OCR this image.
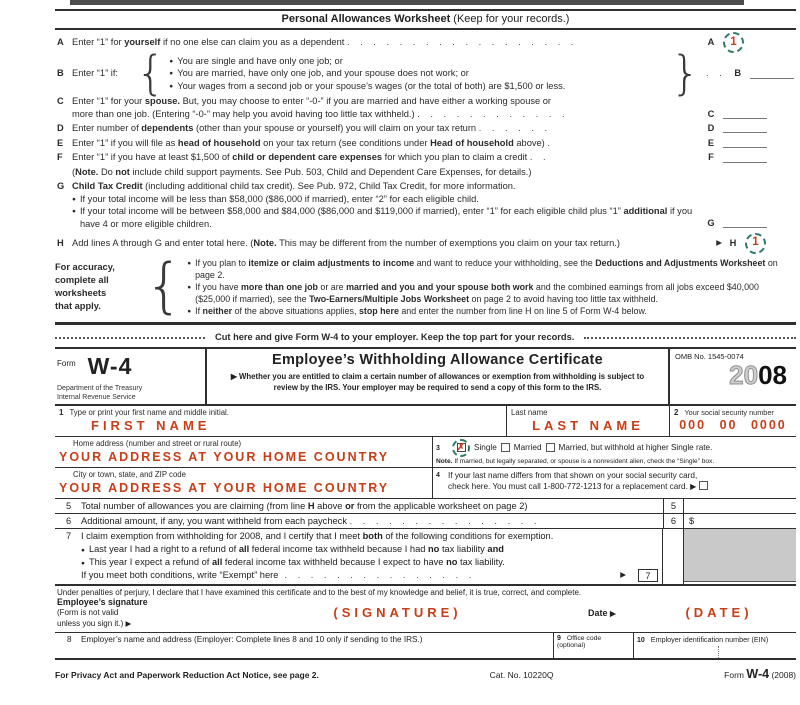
Personal Allowances Worksheet (Keep for your records.)
A Enter “1” for yourself if no one else can claim you as a dependent . . . . . . . . . . . . . . . . . .	A	1
B Enter “1” if: { ● You are single and have only one job; or
● You are married, have only one job, and your spouse does not work; or
● Your wages from a second job or your spouse’s wages (or the total of both) are $1,500 or less. } . . B
C Enter “1” for your spouse. But, you may choose to enter “-0-” if you are married and have either a working spouse or
more than one job. (Entering “-0-” may help you avoid having too little tax withheld.) . . . . . . . . . . . .	C
D Enter number of dependents (other than your spouse or yourself) you will claim on your tax return . . . . . .	D
E Enter “1” if you will file as head of household on your tax return (see conditions under Head of household above) .	E
F	Enter “1” if you have at least $1,500 of child or dependent care expenses for which you plan to claim a credit . .	F
(Note. Do not include child support payments. See Pub. 503, Child and Dependent Care Expenses, for details.)
G Child Tax Credit (including additional child tax credit). See Pub. 972, Child Tax Credit, for more information.
● If your total income will be less than $58,000 ($86,000 if married), enter “2” for each eligible child.
● If your total income will be between $58,000 and $84,000 ($86,000 and $119,000 if married), enter “1” for each eligible child plus “1” additional if you have 4 or more eligible children.	G
H Add lines A through G and enter total here. (Note. This may be different from the number of exemptions you claim on your tax return.)	▶ H	1
For accuracy,
complete all
worksheets
that apply. { ● If you plan to itemize or claim adjustments to income and want to reduce your withholding, see the Deductions and Adjustments Worksheet on page 2.
● If you have more than one job or are married and you and your spouse both work and the combined earnings from all jobs exceed $40,000 ($25,000 if married), see the Two-Earners/Multiple Jobs Worksheet on page 2 to avoid having too little tax withheld.
● If neither of the above situations applies, stop here and enter the number from line H on line 5 of Form W-4 below.
Cut here and give Form W-4 to your employer. Keep the top part for your records.
$^{Form}$ W-4
Department of the Treasury
Internal Revenue Service
Employee’s Withholding Allowance Certificate
▶ Whether you are entitled to claim a certain number of allowances or exemption from withholding is subject to review by the IRS. Your employer may be required to send a copy of this form to the IRS.
OMB No. 1545-0074
2008
1 Type or print your first name and middle initial.
FIRST NAME
Last name
LAST NAME
2 Your social security number
000 00 0000
Home address (number and street or rural route)
YOUR ADDRESS AT YOUR HOME COUNTRY
3	✗ Single Married Married, but withhold at higher Single rate.
Note. If married, but legally separated, or spouse is a nonresident alien, check the “Single” box.
City or town, state, and ZIP code
YOUR ADDRESS AT YOUR HOME COUNTRY
4 If your last name differs from that shown on your social security card,
check here. You must call 1-800-772-1213 for a replacement card. ▶
5	Total number of allowances you are claiming (from line H above or from the applicable worksheet on page 2)	5
6	Additional amount, if any, you want withheld from each paycheck . . . . . . . . . . . . . . .	6	$
7	I claim exemption from withholding for 2008, and I certify that I meet both of the following conditions for exemption.
● Last year I had a right to a refund of all federal income tax withheld because I had no tax liability and
● This year I expect a refund of all federal income tax withheld because I expect to have no tax liability.
If you meet both conditions, write “Exempt” here . . . . . . . . . . . . . . .	▶	7
Under penalties of perjury, I declare that I have examined this certificate and to the best of my knowledge and belief, it is true, correct, and complete.
Employee’s signature
(Form is not valid
unless you sign it.) ▶
(SIGNATURE)	Date ▶	(DATE)
8	Employer’s name and address (Employer: Complete lines 8 and 10 only if sending to the IRS.)	9 Office code (optional)
10 Employer identification number (EIN)
For Privacy Act and Paperwork Reduction Act Notice, see page 2.	Cat. No. 10220Q	Form W-4 (2008)
